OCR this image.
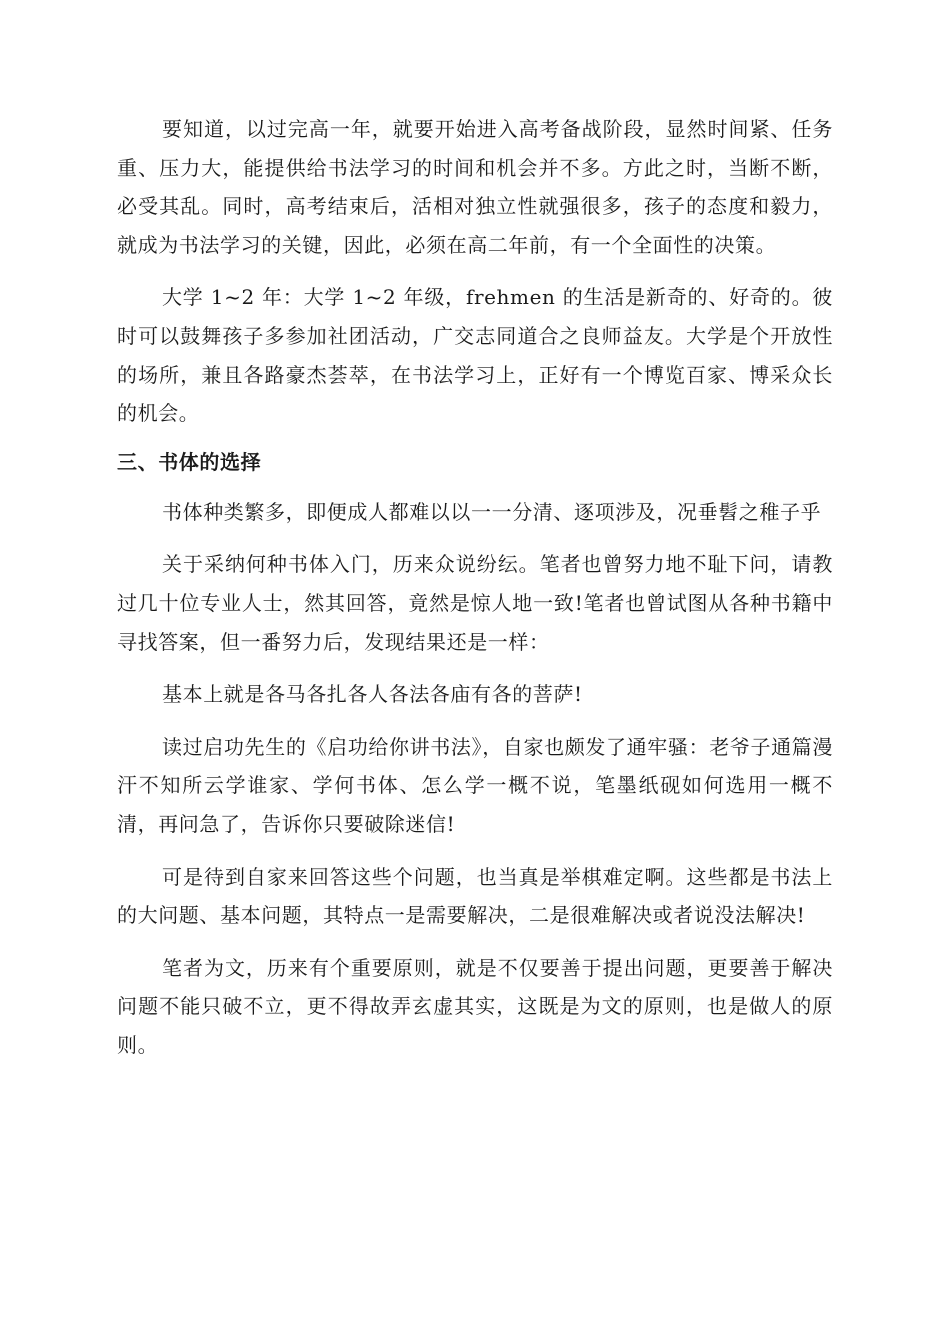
要知道，以过完高一年，就要开始进入高考备战阶段，显然时间紧、任务重、压力大，能提供给书法学习的时间和机会并不多。方此之时，当断不断，必受其乱。同时，高考结束后，活相对独立性就强很多，孩子的态度和毅力，就成为书法学习的关键，因此，必须在高二年前，有一个全面性的决策。

大学 1~2 年：大学 1~2 年级，frehmen 的生活是新奇的、好奇的。彼时可以鼓舞孩子多参加社团活动，广交志同道合之良师益友。大学是个开放性的场所，兼且各路豪杰荟萃，在书法学习上，正好有一个博览百家、博采众长的机会。

三、书体的选择

书体种类繁多，即便成人都难以以一一分清、逐项涉及，况垂髫之稚子乎

关于采纳何种书体入门，历来众说纷纭。笔者也曾努力地不耻下问，请教过几十位专业人士，然其回答，竟然是惊人地一致!笔者也曾试图从各种书籍中寻找答案，但一番努力后，发现结果还是一样：

基本上就是各马各扎各人各法各庙有各的菩萨!

读过启功先生的《启功给你讲书法》，自家也颇发了通牢骚：老爷子通篇漫汗不知所云学谁家、学何书体、怎么学一概不说，笔墨纸砚如何选用一概不清，再问急了，告诉你只要破除迷信!

可是待到自家来回答这些个问题，也当真是举棋难定啊。这些都是书法上的大问题、基本问题，其特点一是需要解决，二是很难解决或者说没法解决!

笔者为文，历来有个重要原则，就是不仅要善于提出问题，更要善于解决问题不能只破不立，更不得故弄玄虚其实，这既是为文的原则，也是做人的原则。
